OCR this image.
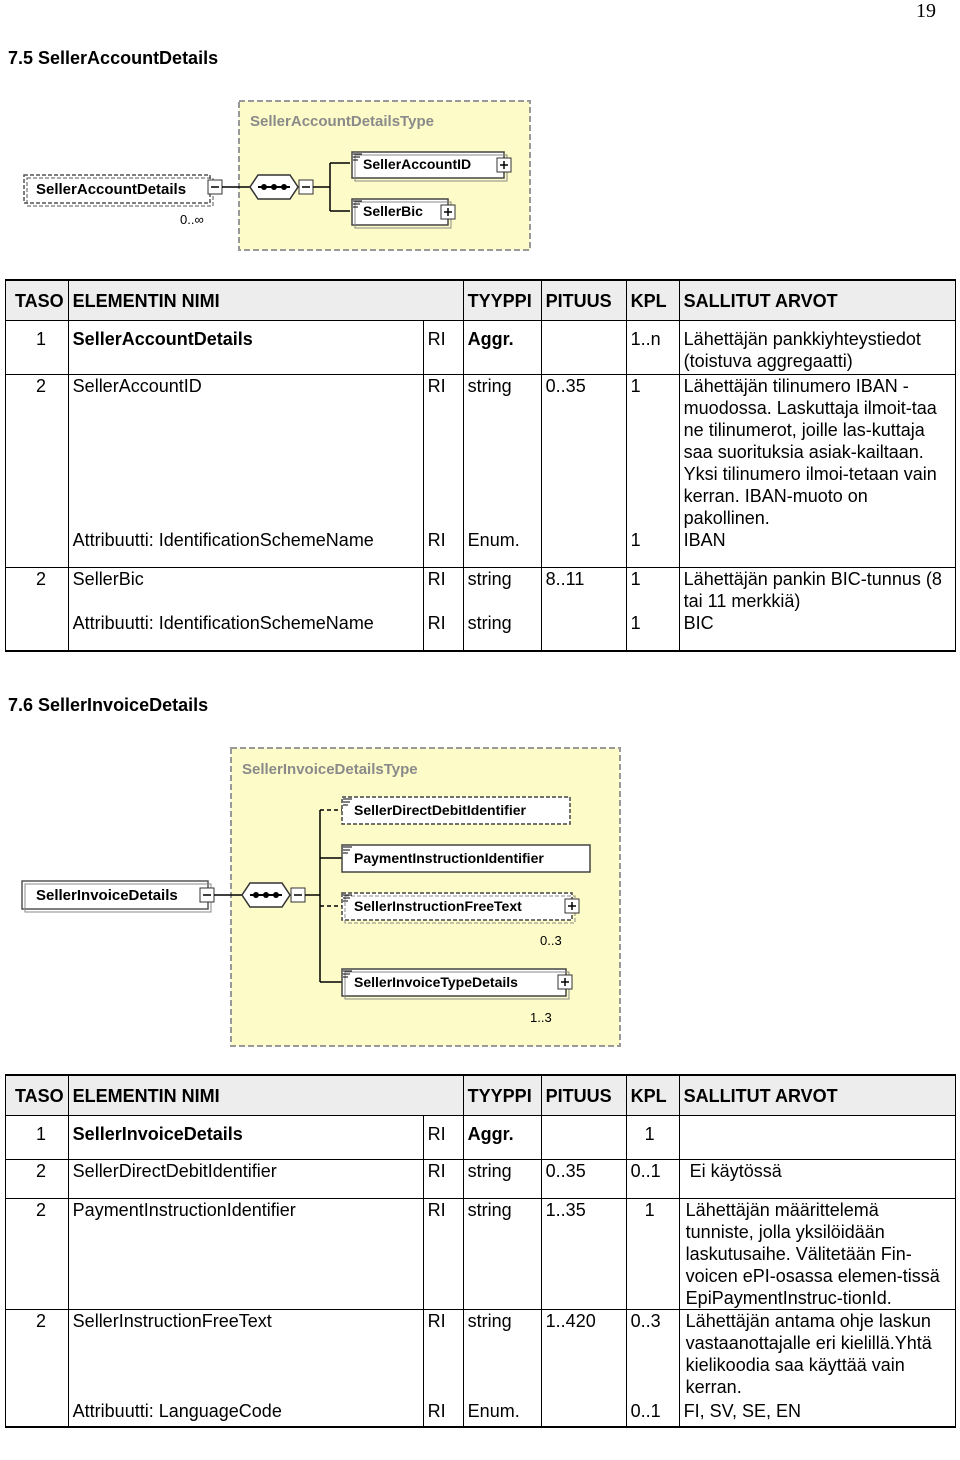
19
7.5 SellerAccountDetails
SellerAccountDetailsType
SellerAccountDetails
0..∞
SellerAccountID
SellerBic
TASO	ELEMENTIN NIMI		TYYPPI	PITUUS	KPL	SALLITUT ARVOT
1	SellerAccountDetails	RI	Aggr.		1..n	Lähettäjän pankkiyhteystiedot (toistuva aggregaatti)
2	SellerAccountID	RI	string	0..35	1	Lähettäjän tilinumero IBAN -muodossa. Laskuttaja ilmoit-taa ne tilinumerot, joille las-kuttaja saa suorituksia asiak-kailtaan. Yksi tilinumero ilmoi-tetaan vain kerran. IBAN-muoto on pakollinen.
	Attribuutti: IdentificationSchemeName	RI	Enum.		1	IBAN
2	SellerBic	RI	string	8..11	1	Lähettäjän pankin BIC-tunnus (8 tai 11 merkkiä)
	Attribuutti: IdentificationSchemeName	RI	string		1	BIC
7.6 SellerInvoiceDetails
SellerInvoiceDetailsType
SellerInvoiceDetails
SellerDirectDebitIdentifier
PaymentInstructionIdentifier
SellerInstructionFreeText
0..3
SellerInvoiceTypeDetails
1..3
TASO	ELEMENTIN NIMI		TYYPPI	PITUUS	KPL	SALLITUT ARVOT
1	SellerInvoiceDetails	RI	Aggr.		1	
2	SellerDirectDebitIdentifier	RI	string	0..35	0..1	Ei käytössä
2	PaymentInstructionIdentifier	RI	string	1..35	1	Lähettäjän määrittelemä tunniste, jolla yksilöidään laskutusaihe. Välitetään Fin-voicen ePI-osassa elemen-tissä EpiPaymentInstruc-tionId.
2	SellerInstructionFreeText	RI	string	1..420	0..3	Lähettäjän antama ohje laskun vastaanottajalle eri kielillä.Yhtä kielikoodia saa käyttää vain kerran.
	Attribuutti: LanguageCode	RI	Enum.		0..1	FI, SV, SE, EN
